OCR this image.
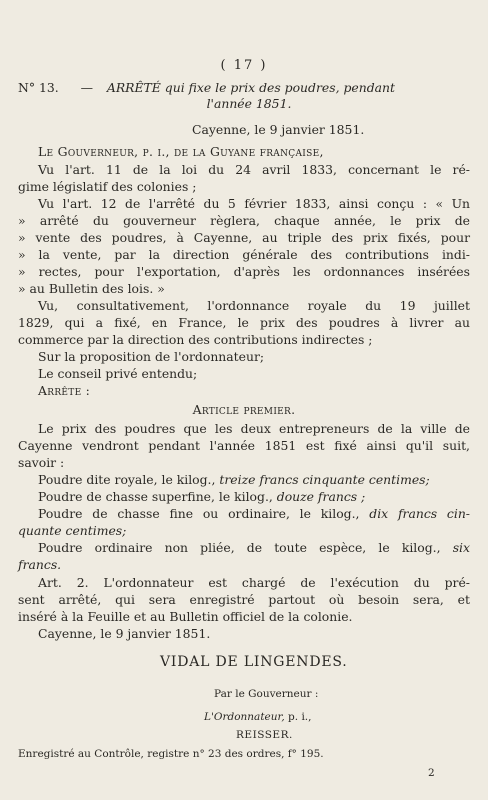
( 17 )
N° 13. — ARRÊTÉ qui fixe le prix des poudres, pendant
l'année 1851.
Cayenne, le 9 janvier 1851.
Le Gouverneur, p. i., de la Guyane française,
Vu l'art. 11 de la loi du 24 avril 1833, concernant le ré-
gime législatif des colonies ;
Vu l'art. 12 de l'arrêté du 5 février 1833, ainsi conçu : « Un
» arrêté du gouverneur règlera, chaque année, le prix de
» vente des poudres, à Cayenne, au triple des prix fixés, pour
» la vente, par la direction générale des contributions indi-
» rectes, pour l'exportation, d'après les ordonnances insérées
» au Bulletin des lois. »
Vu, consultativement, l'ordonnance royale du 19 juillet
1829, qui a fixé, en France, le prix des poudres à livrer au
commerce par la direction des contributions indirectes ;
Sur la proposition de l'ordonnateur;
Le conseil privé entendu;
Arrête :
Article premier.
Le prix des poudres que les deux entrepreneurs de la ville de
Cayenne vendront pendant l'année 1851 est fixé ainsi qu'il suit,
savoir :
Poudre dite royale, le kilog., treize francs cinquante centimes;
Poudre de chasse superfine, le kilog., douze francs ;
Poudre de chasse fine ou ordinaire, le kilog., dix francs cin-
quante centimes;
Poudre ordinaire non pliée, de toute espèce, le kilog., six
francs.
Art. 2. L'ordonnateur est chargé de l'exécution du pré-
sent arrêté, qui sera enregistré partout où besoin sera, et
inséré à la Feuille et au Bulletin officiel de la colonie.
Cayenne, le 9 janvier 1851.
VIDAL DE LINGENDES.
Par le Gouverneur :
L'Ordonnateur, p. i.,
REISSER.
Enregistré au Contrôle, registre n° 23 des ordres, f° 195.
2
